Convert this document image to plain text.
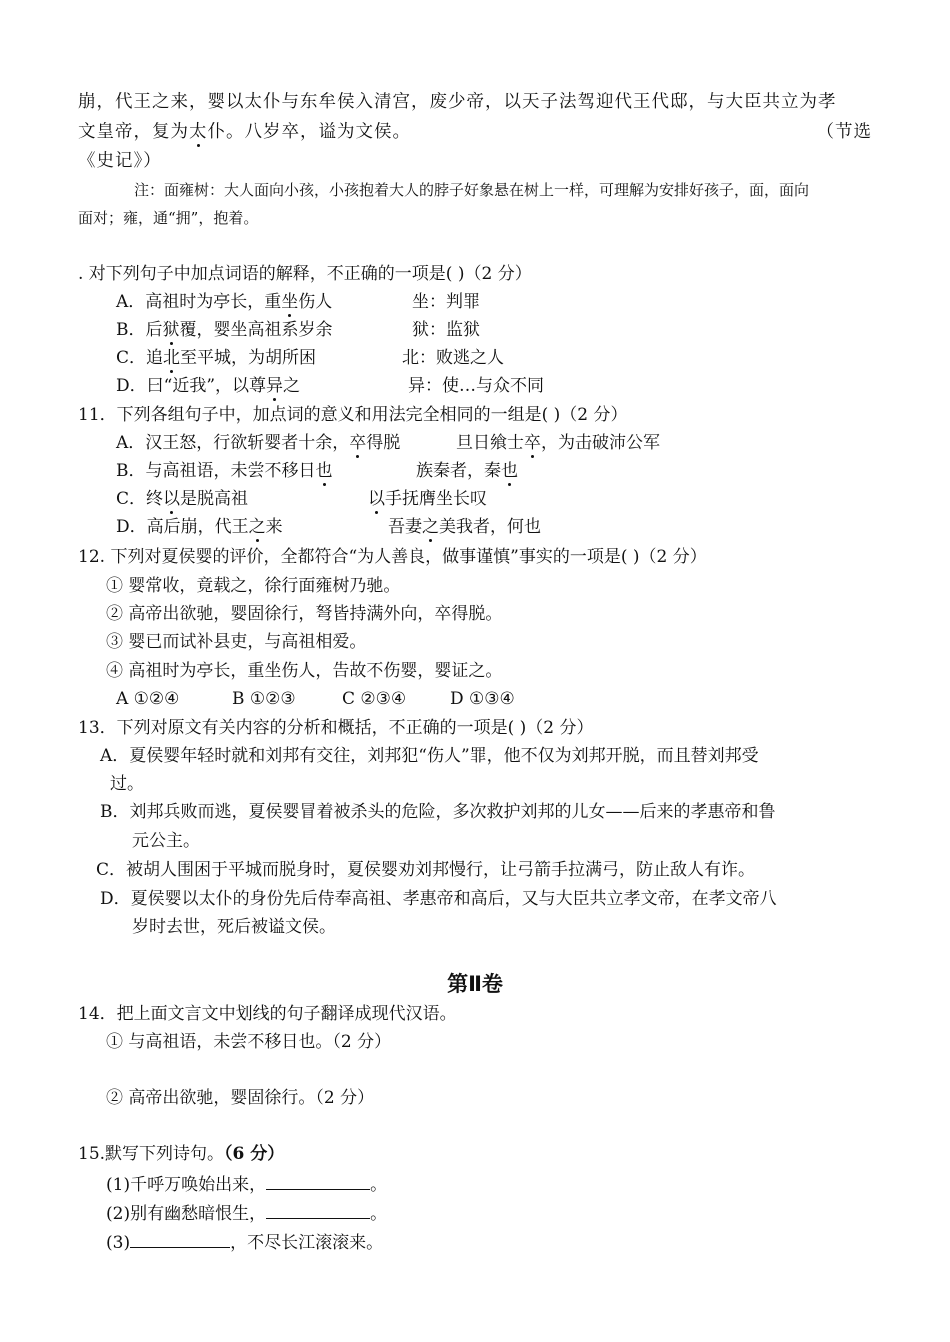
崩，代王之来，婴以太仆与东牟侯入清宫，废少帝，以天子法驾迎代王代邸，与大臣共立为孝
文皇帝，复为太仆。八岁卒，谥为文侯。	（节选
《史记》）
注：面雍树：大人面向小孩，小孩抱着大人的脖子好象悬在树上一样，可理解为安排好孩子，面，面向
面对；雍，通“拥”，抱着。
. 对下列句子中加点词语的解释，不正确的一项是( )（2 分）
A．高祖时为亭长，重坐伤人	坐：判罪
B．后狱覆，婴坐高祖系岁余	狱：监狱
C．追北至平城，为胡所困	北：败逃之人
D．曰“近我”，以尊异之	异：使…与众不同
11．下列各组句子中，加点词的意义和用法完全相同的一组是( )（2 分）
A．汉王怒，行欲斩婴者十余，卒得脱	旦日飨士卒，为击破沛公军
B．与高祖语，未尝不移日也	族秦者，秦也
C．终以是脱高祖	以手抚膺坐长叹
D．高后崩，代王之来	吾妻之美我者，何也
12. 下列对夏侯婴的评价，全都符合“为人善良，做事谨慎”事实的一项是( )（2 分）
① 婴常收，竟载之，徐行面雍树乃驰。
② 高帝出欲驰，婴固徐行，弩皆持满外向，卒得脱。
③ 婴已而试补县吏，与高祖相爱。
④ 高祖时为亭长，重坐伤人，告故不伤婴，婴证之。
A ①②④	B ①②③	C ②③④	D ①③④
13．下列对原文有关内容的分析和概括，不正确的一项是( )（2 分）
A．夏侯婴年轻时就和刘邦有交往，刘邦犯“伤人”罪，他不仅为刘邦开脱，而且替刘邦受
过。
B．刘邦兵败而逃，夏侯婴冒着被杀头的危险，多次救护刘邦的儿女——后来的孝惠帝和鲁
元公主。
C．被胡人围困于平城而脱身时，夏侯婴劝刘邦慢行，让弓箭手拉满弓，防止敌人有诈。
D．夏侯婴以太仆的身份先后侍奉高祖、孝惠帝和高后，又与大臣共立孝文帝，在孝文帝八
岁时去世，死后被谥文侯。
第Ⅱ卷
14．把上面文言文中划线的句子翻译成现代汉语。
① 与高祖语，未尝不移日也。（2 分）
② 高帝出欲驰，婴固徐行。（2 分）
15.默写下列诗句。（6 分）
(1)千呼万唤始出来，	。
(2)别有幽愁暗恨生，	。
(3)	，不尽长江滚滚来。
